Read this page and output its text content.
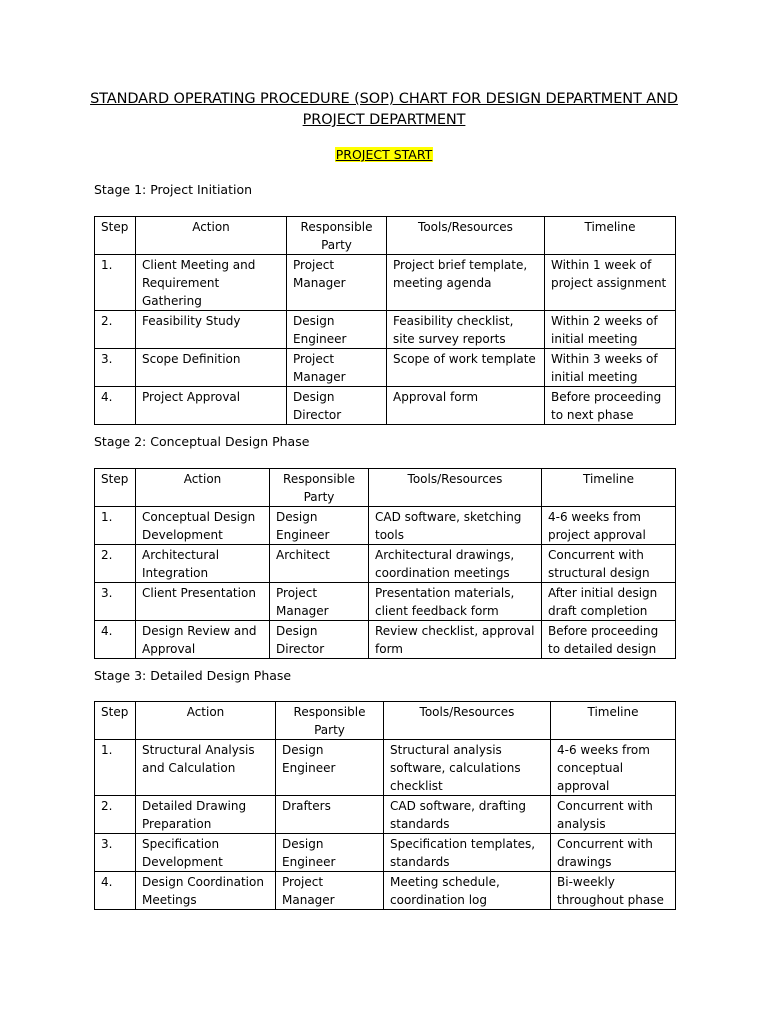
STANDARD OPERATING PROCEDURE (SOP) CHART FOR DESIGN DEPARTMENT AND PROJECT DEPARTMENT
PROJECT START
Stage 1: Project Initiation
Step	Action	Responsible Party	Tools/Resources	Timeline
1.	Client Meeting and Requirement Gathering	Project Manager	Project brief template, meeting agenda	Within 1 week of project assignment
2.	Feasibility Study	Design Engineer	Feasibility checklist, site survey reports	Within 2 weeks of initial meeting
3.	Scope Definition	Project Manager	Scope of work template	Within 3 weeks of initial meeting
4.	Project Approval	Design Director	Approval form	Before proceeding to next phase
Stage 2: Conceptual Design Phase
Step	Action	Responsible Party	Tools/Resources	Timeline
1.	Conceptual Design Development	Design Engineer	CAD software, sketching tools	4-6 weeks from project approval
2.	Architectural Integration	Architect	Architectural drawings, coordination meetings	Concurrent with structural design
3.	Client Presentation	Project Manager	Presentation materials, client feedback form	After initial design draft completion
4.	Design Review and Approval	Design Director	Review checklist, approval form	Before proceeding to detailed design
Stage 3: Detailed Design Phase
Step	Action	Responsible Party	Tools/Resources	Timeline
1.	Structural Analysis and Calculation	Design Engineer	Structural analysis software, calculations checklist	4-6 weeks from conceptual approval
2.	Detailed Drawing Preparation	Drafters	CAD software, drafting standards	Concurrent with analysis
3.	Specification Development	Design Engineer	Specification templates, standards	Concurrent with drawings
4.	Design Coordination Meetings	Project Manager	Meeting schedule, coordination log	Bi-weekly throughout phase
